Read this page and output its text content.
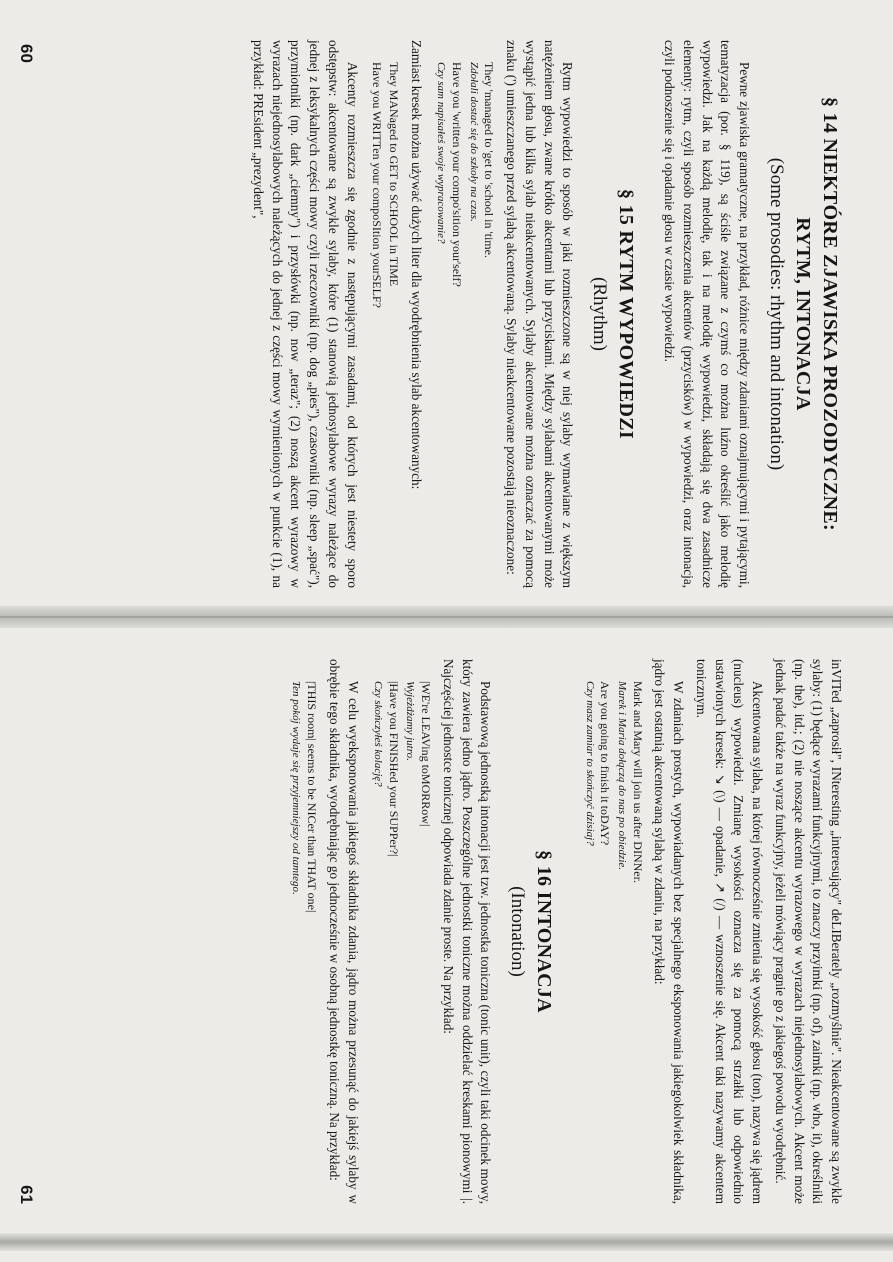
§ 14 NIEKTÓRE ZJAWISKA PROZODYCZNE:
RYTM, INTONACJA
(Some prosodies: rhythm and intonation)

Pewne zjawiska gramatyczne, na przykład, różnice między zdaniami oznajmującymi i pytającymi, tematyzacja (por. § 119), są ściśle związane z czymś co można luźno określić jako melodię wypowiedzi. Jak na każdą melodię, tak i na melodię wypowiedzi, składają się dwa zasadnicze elementy: rytm, czyli sposób rozmieszczenia akcentów (przycisków) w wypowiedzi, oraz intonacja, czyli podnoszenie się i opadanie głosu w czasie wypowiedzi.

§ 15 RYTM WYPOWIEDZI
(Rhythm)

Rytm wypowiedzi to sposób w jaki rozmieszczone są w niej sylaby wymawiane z większym natężeniem głosu, zwane krótko akcentami lub przyciskami. Między sylabami akcentowanymi może wystąpić jedna lub kilka sylab nieakcentowanych. Sylaby akcentowane można oznaczać za pomocą znaku (') umieszczanego przed sylabą akcentowaną. Sylaby nieakcentowane pozostają nieoznaczone:

They 'managed to 'get to 'school in 'time.
Zdołali dostać się do szkoły na czas.
Have you 'written your compo'sition your'self?
Czy sam napisałeś swoje wypracowanie?

Zamiast kresek można używać dużych liter dla wyodrębnienia sylab akcentowanych:

They MANaged to GET to SCHOOL in TIME
Have you WRITTen your compoSItion yourSELF?

Akcenty rozmieszcza się zgodnie z następującymi zasadami, od których jest niestety sporo odstępstw: akcentowane są zwykle sylaby, które (1) stanowią jednosylabowe wyrazy należące do jednej z leksykalnych części mowy czyli rzeczowniki (np. dog „pies"), czasowniki (np. sleep „spać"), przymiotniki (np. dark „ciemny") i przysłówki (np. now „teraz"; (2) noszą akcent wyrazowy w wyrazach niejednosylabowych należących do jednej z części mowy wymienionych w punkcie (1), na przykład: PREsident „prezydent",

60

inVITed „zaprosił", INteresting „interesujący" deLIBerately „rozmyślnie". Nieakcentowane są zwykle sylaby: (1) będące wyrazami funkcyjnymi, to znaczy przyimki (np. of), zaimki (np. who, it), określniki (np. the), itd.; (2) nie noszące akcentu wyrazowego w wyrazach niejednosylabowych. Akcent może jednak padać także na wyraz funkcyjny, jeżeli mówiący pragnie go z jakiegoś powodu wyodrębnić.

Akcentowana sylaba, na której równocześnie zmienia się wysokość głosu (ton), nazywa się jądrem (nucleus) wypowiedzi. Zmianę wysokości oznacza się za pomocą strzałki lub odpowiednio ustawionych kresek: ↘ (\) — opadanie, ↗ (/) — wznoszenie się. Akcent taki nazywamy akcentem tonicznym.

W zdaniach prostych, wypowiadanych bez specjalnego eksponowania jakiegokolwiek składnika, jądro jest ostatnią akcentowaną sylabą w zdaniu, na przykład:

Mark and Mary will join us after DINNer.
Marek i Maria dołączą do nas po obiedzie.
Are you going to finish it toDAY?
Czy masz zamiar to skończyć dzisiaj?
§ 16 INTONACJA
(Intonation)

Podstawową jednostką intonacji jest tzw. jednostka toniczna (tonic unit), czyli taki odcinek mowy, który zawiera jedno jądro. Poszczególne jednostki toniczne można oddzielać kreskami pionowymi |. Najczęściej jednostce tonicznej odpowiada zdanie proste. Na przykład:

|WE're LEAVing toMORRow|
Wyjeżdżamy jutro.
|Have you FINISHed your SUPPer?|
Czy skończyłeś kolację?

W celu wyeksponowania jakiegoś składnika zdania, jądro można przesunąć do jakiejś sylaby w obrębie tego składnika, wyodrębniając go jednocześnie w osobną jednostkę toniczną. Na przykład:

|THIS room| seems to be NICer than THAT one|
Ten pokój wydaje się przyjemniejszy od tamtego.
61
